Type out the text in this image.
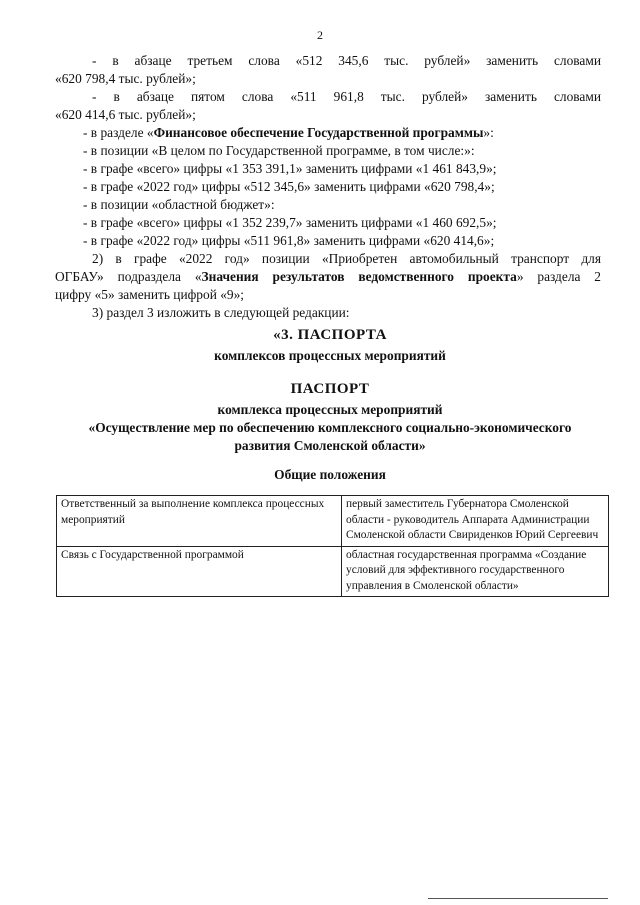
2

- в абзаце третьем слова «512 345,6 тыс. рублей» заменить словами

«620 798,4 тыс. рублей»;

- в абзаце пятом слова «511 961,8 тыс. рублей» заменить словами

«620 414,6 тыс. рублей»;

- в разделе «Финансовое обеспечение Государственной программы»:

- в позиции «В целом по Государственной программе, в том числе:»:

- в графе «всего» цифры «1 353 391,1» заменить цифрами «1 461 843,9»;

- в графе «2022 год» цифры «512 345,6» заменить цифрами «620 798,4»;

- в позиции «областной бюджет»:

- в графе «всего» цифры «1 352 239,7» заменить цифрами «1 460 692,5»;

- в графе «2022 год» цифры «511 961,8» заменить цифрами «620 414,6»;

2) в графе «2022 год» позиции «Приобретен автомобильный транспорт для

ОГБАУ» подраздела «Значения результатов ведомственного проекта» раздела 2

цифру «5» заменить цифрой «9»;

3) раздел 3 изложить в следующей редакции:

«3. ПАСПОРТА
комплексов процессных мероприятий
ПАСПОРТ
комплекса процессных мероприятий
«Осуществление мер по обеспечению комплексного социально-экономического
развития Смоленской области»
Общие положения
Ответственный за выполнение комплекса процессных мероприятий	первый заместитель Губернатора Смоленской области - руководитель Аппарата Администрации Смоленской области Свириденков Юрий Сергеевич
Связь с Государственной программой	областная государственная программа «Создание условий для эффективного государственного управления в Смоленской области»
